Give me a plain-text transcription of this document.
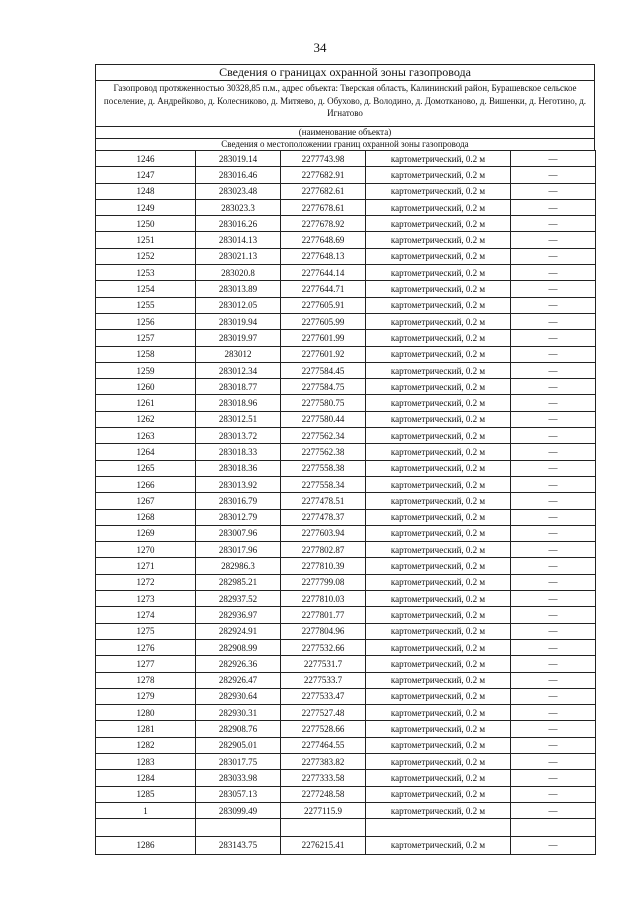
34
Сведения о границах охранной зоны газопровода
Газопровод протяженностью 30328,85 п.м., адрес объекта: Тверская область, Калининский район, Бурашевское сельское поселение, д. Андрейково, д. Колесниково, д. Митяево, д. Обухово, д. Володино, д. Домотканово, д. Вишенки, д. Неготино, д. Игнатово
(наименование объекта)
Сведения о местоположении границ охранной зоны газопровода
1246	283019.14	2277743.98	картометрический, 0.2 м	—
1247	283016.46	2277682.91	картометрический, 0.2 м	—
1248	283023.48	2277682.61	картометрический, 0.2 м	—
1249	283023.3	2277678.61	картометрический, 0.2 м	—
1250	283016.26	2277678.92	картометрический, 0.2 м	—
1251	283014.13	2277648.69	картометрический, 0.2 м	—
1252	283021.13	2277648.13	картометрический, 0.2 м	—
1253	283020.8	2277644.14	картометрический, 0.2 м	—
1254	283013.89	2277644.71	картометрический, 0.2 м	—
1255	283012.05	2277605.91	картометрический, 0.2 м	—
1256	283019.94	2277605.99	картометрический, 0.2 м	—
1257	283019.97	2277601.99	картометрический, 0.2 м	—
1258	283012	2277601.92	картометрический, 0.2 м	—
1259	283012.34	2277584.45	картометрический, 0.2 м	—
1260	283018.77	2277584.75	картометрический, 0.2 м	—
1261	283018.96	2277580.75	картометрический, 0.2 м	—
1262	283012.51	2277580.44	картометрический, 0.2 м	—
1263	283013.72	2277562.34	картометрический, 0.2 м	—
1264	283018.33	2277562.38	картометрический, 0.2 м	—
1265	283018.36	2277558.38	картометрический, 0.2 м	—
1266	283013.92	2277558.34	картометрический, 0.2 м	—
1267	283016.79	2277478.51	картометрический, 0.2 м	—
1268	283012.79	2277478.37	картометрический, 0.2 м	—
1269	283007.96	2277603.94	картометрический, 0.2 м	—
1270	283017.96	2277802.87	картометрический, 0.2 м	—
1271	282986.3	2277810.39	картометрический, 0.2 м	—
1272	282985.21	2277799.08	картометрический, 0.2 м	—
1273	282937.52	2277810.03	картометрический, 0.2 м	—
1274	282936.97	2277801.77	картометрический, 0.2 м	—
1275	282924.91	2277804.96	картометрический, 0.2 м	—
1276	282908.99	2277532.66	картометрический, 0.2 м	—
1277	282926.36	2277531.7	картометрический, 0.2 м	—
1278	282926.47	2277533.7	картометрический, 0.2 м	—
1279	282930.64	2277533.47	картометрический, 0.2 м	—
1280	282930.31	2277527.48	картометрический, 0.2 м	—
1281	282908.76	2277528.66	картометрический, 0.2 м	—
1282	282905.01	2277464.55	картометрический, 0.2 м	—
1283	283017.75	2277383.82	картометрический, 0.2 м	—
1284	283033.98	2277333.58	картометрический, 0.2 м	—
1285	283057.13	2277248.58	картометрический, 0.2 м	—
1	283099.49	2277115.9	картометрический, 0.2 м	—

1286	283143.75	2276215.41	картометрический, 0.2 м	—
